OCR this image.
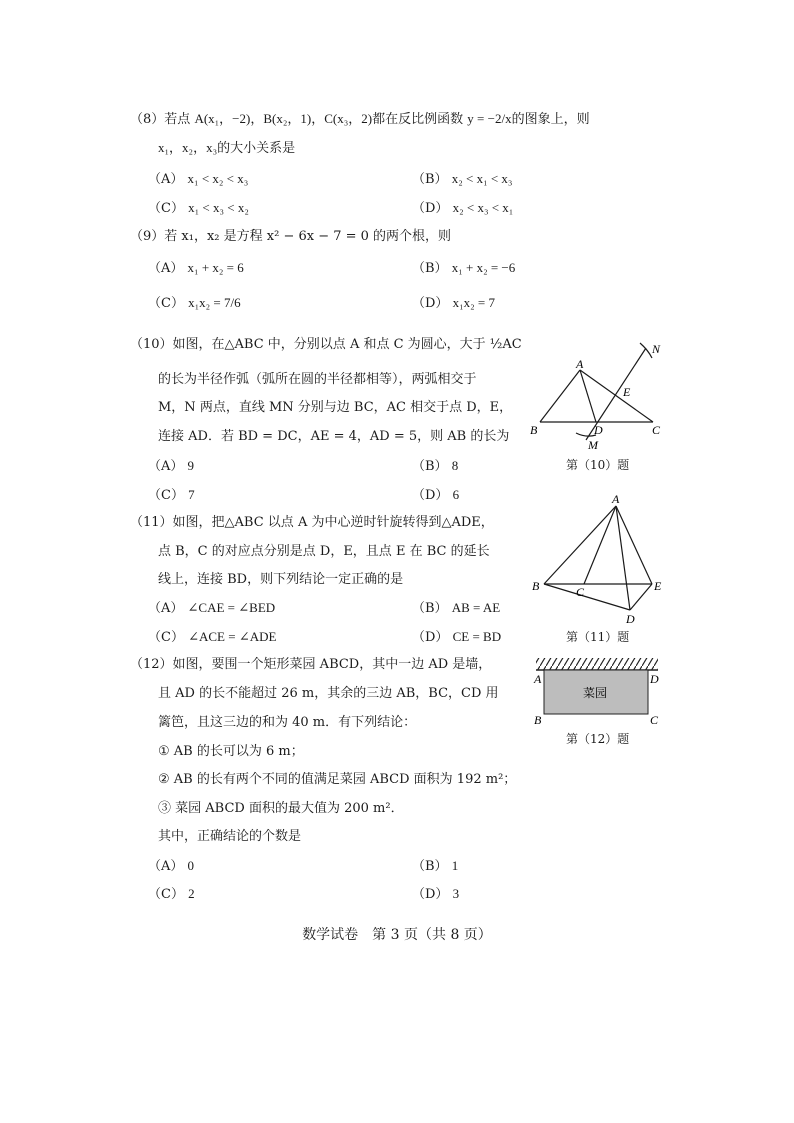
（8）若点 A(x₁，−2)，B(x₂，1)，C(x₃，2)都在反比例函数 y = −2/x的图象上，则
x₁，x₂，x₃的大小关系是
（A） x₁ < x₂ < x₃	（B） x₂ < x₁ < x₃
（C） x₁ < x₃ < x₂	（D） x₂ < x₃ < x₁
（9）若 x₁，x₂ 是方程 x² − 6x − 7 = 0 的两个根，则
（A） x₁ + x₂ = 6	（B） x₁ + x₂ = −6
（C） x₁x₂ = 7/6	（D） x₁x₂ = 7
（10）如图，在△ABC 中，分别以点 A 和点 C 为圆心，大于 ½AC
的长为半径作弧（弧所在圆的半径都相等），两弧相交于
M，N 两点，直线 MN 分别与边 BC，AC 相交于点 D，E，
连接 AD．若 BD = DC，AE = 4，AD = 5，则 AB 的长为
（A） 9	（B） 8
（C） 7	（D） 6
A
B	C
D
E
M
N
第（10）题
（11）如图，把△ABC 以点 A 为中心逆时针旋转得到△ADE，
点 B，C 的对应点分别是点 D，E，且点 E 在 BC 的延长
线上，连接 BD，则下列结论一定正确的是
（A） ∠CAE = ∠BED	（B） AB = AE
（C） ∠ACE = ∠ADE	（D） CE = BD
A
B	C	E
D
第（11）题
（12）如图，要围一个矩形菜园 ABCD，其中一边 AD 是墙，
且 AD 的长不能超过 26 m，其余的三边 AB，BC，CD 用
篱笆，且这三边的和为 40 m．有下列结论：
① AB 的长可以为 6 m；
② AB 的长有两个不同的值满足菜园 ABCD 面积为 192 m²；
③ 菜园 ABCD 面积的最大值为 200 m²．
其中，正确结论的个数是
（A） 0	（B） 1
（C） 2	（D） 3
菜园
A	D
B	C
第（12）题
数学试卷　第 3 页（共 8 页）
